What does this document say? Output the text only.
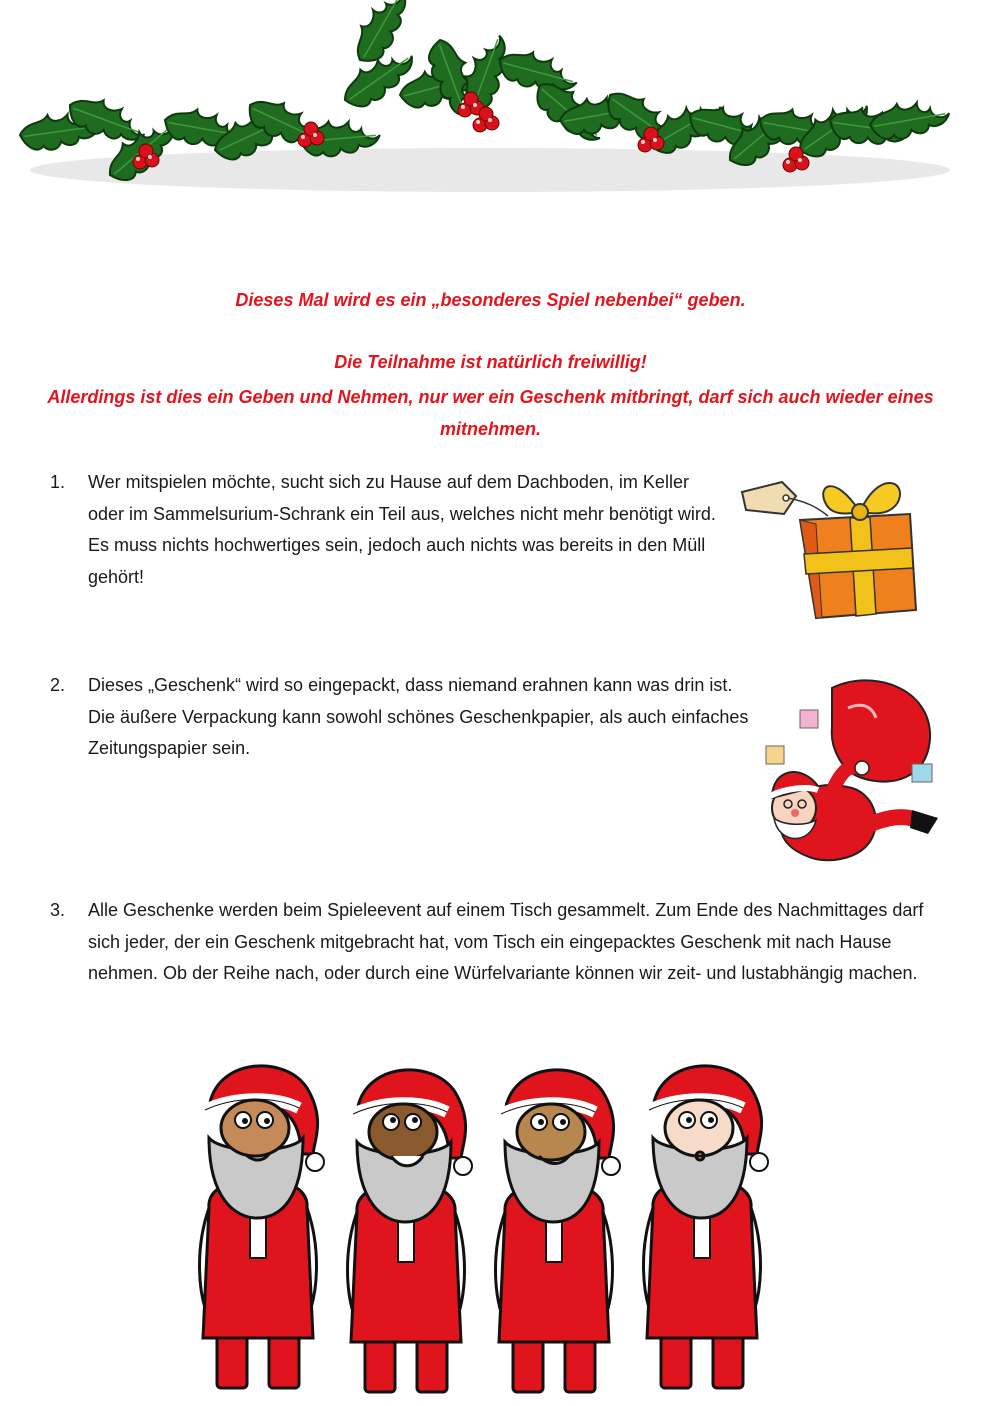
Dieses Mal wird es ein „besonderes Spiel nebenbei“ geben.
Die Teilnahme ist natürlich freiwillig!
Allerdings ist dies ein Geben und Nehmen, nur wer ein Geschenk mitbringt, darf sich auch wieder eines mitnehmen.
1.	Wer mitspielen möchte, sucht sich zu Hause auf dem Dachboden, im Keller oder im Sammelsurium-Schrank ein Teil aus, welches nicht mehr benötigt wird. Es muss nichts hochwertiges sein, jedoch auch nichts was bereits in den Müll gehört!
2.	Dieses „Geschenk“ wird so eingepackt, dass niemand erahnen kann was drin ist. Die äußere Verpackung kann sowohl schönes Geschenkpapier, als auch einfaches Zeitungspapier sein.
3.	Alle Geschenke werden beim Spieleevent auf einem Tisch gesammelt. Zum Ende des Nachmittages darf sich jeder, der ein Geschenk mitgebracht hat, vom Tisch ein eingepacktes Geschenk mit nach Hause nehmen. Ob der Reihe nach, oder durch eine Würfelvariante können wir zeit- und lustabhängig machen.
